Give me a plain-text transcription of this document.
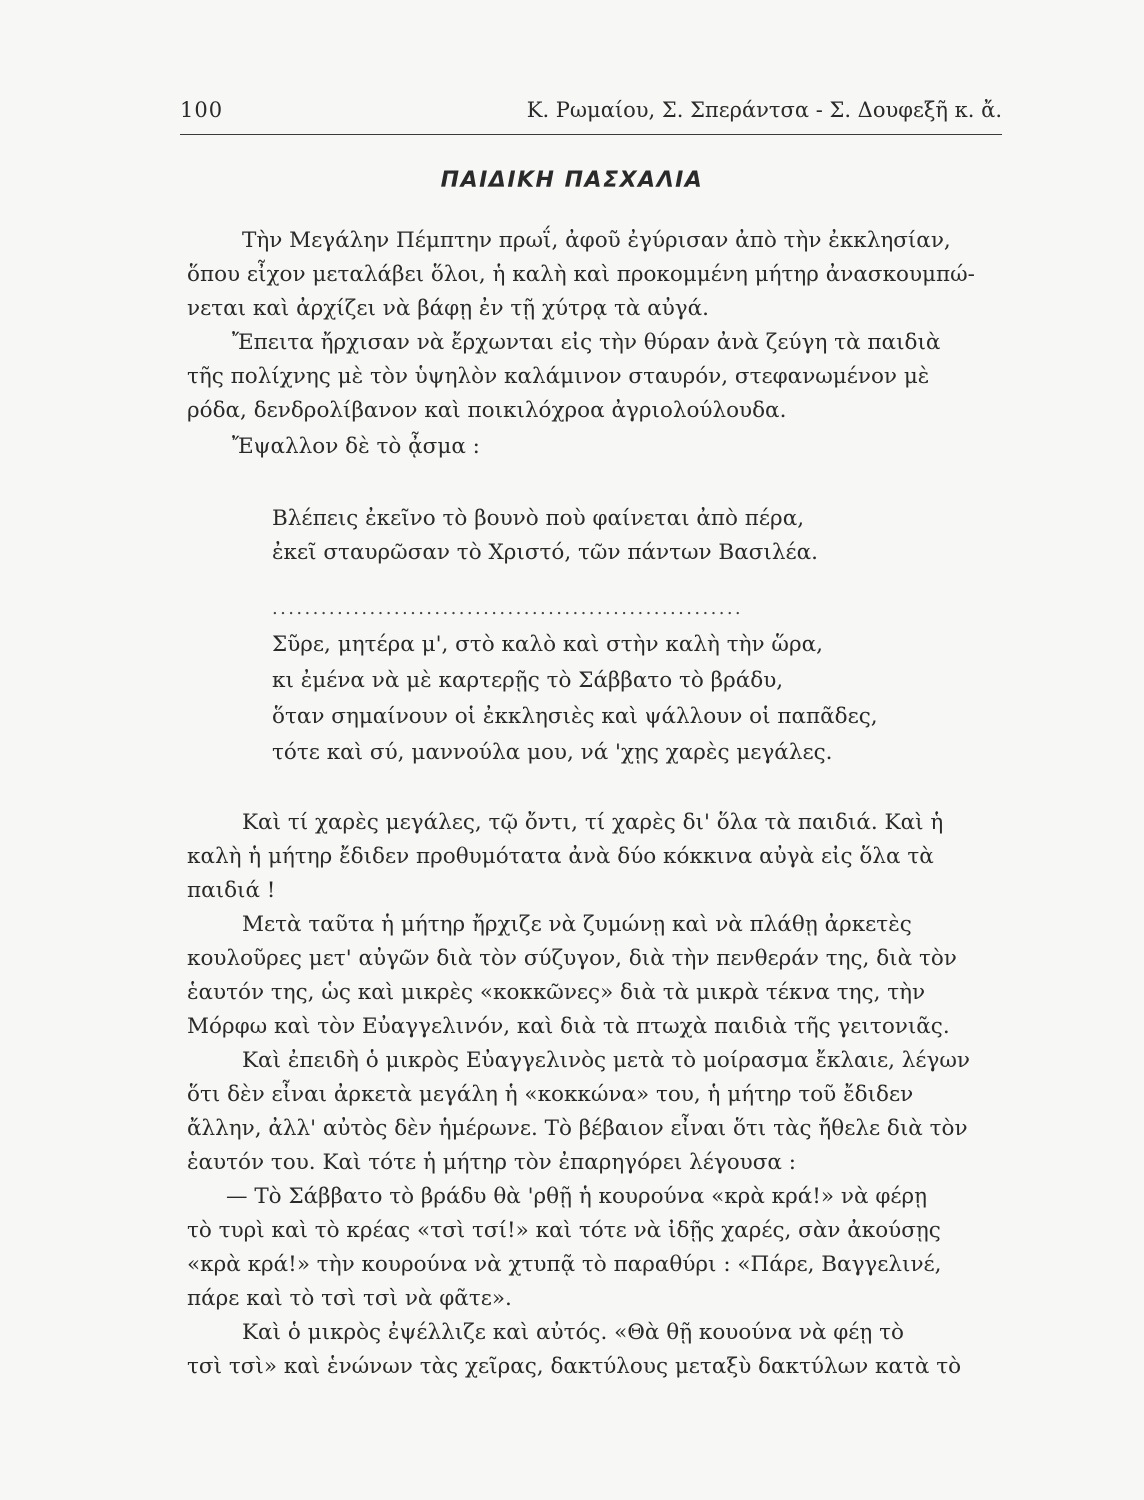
100	Κ. Ρωμαίου, Σ. Σπεράντσα - Σ. Δουφεξῆ κ. ἄ.
ΠΑΙΔΙΚΗ ΠΑΣΧΑΛΙΑ
Τὴν Μεγάλην Πέμπτην πρωΐ, ἀφοῦ ἐγύρισαν ἀπὸ τὴν ἐκκλησίαν,
ὅπου εἶχον μεταλάβει ὅλοι, ἡ καλὴ καὶ προκομμένη μήτηρ ἀνασκουμπώ-
νεται καὶ ἀρχίζει νὰ βάφῃ ἐν τῇ χύτρᾳ τὰ αὐγά.
Ἔπειτα ἤρχισαν νὰ ἔρχωνται εἰς τὴν θύραν ἀνὰ ζεύγη τὰ παιδιὰ
τῆς πολίχνης μὲ τὸν ὑψηλὸν καλάμινον σταυρόν, στεφανωμένον μὲ
ρόδα, δενδρολίβανον καὶ ποικιλόχροα ἀγριολούλουδα.
Ἔψαλλον δὲ τὸ ᾆσμα :
Βλέπεις ἐκεῖνο τὸ βουνὸ ποὺ φαίνεται ἀπὸ πέρα,
ἐκεῖ σταυρῶσαν τὸ Χριστό, τῶν πάντων Βασιλέα.
..........................................................
Σῦρε, μητέρα μ', στὸ καλὸ καὶ στὴν καλὴ τὴν ὥρα,
κι ἐμένα νὰ μὲ καρτερῇς τὸ Σάββατο τὸ βράδυ,
ὅταν σημαίνουν οἱ ἐκκλησιὲς καὶ ψάλλουν οἱ παπᾶδες,
τότε καὶ σύ, μαννούλα μου, νά 'χῃς χαρὲς μεγάλες.
Καὶ τί χαρὲς μεγάλες, τῷ ὄντι, τί χαρὲς δι' ὅλα τὰ παιδιά. Καὶ ἡ
καλὴ ἡ μήτηρ ἔδιδεν προθυμότατα ἀνὰ δύο κόκκινα αὐγὰ εἰς ὅλα τὰ
παιδιά !
Μετὰ ταῦτα ἡ μήτηρ ἤρχιζε νὰ ζυμώνῃ καὶ νὰ πλάθῃ ἀρκετὲς
κουλοῦρες μετ' αὐγῶν διὰ τὸν σύζυγον, διὰ τὴν πενθεράν της, διὰ τὸν
ἑαυτόν της, ὡς καὶ μικρὲς «κοκκῶνες» διὰ τὰ μικρὰ τέκνα της, τὴν
Μόρφω καὶ τὸν Εὐαγγελινόν, καὶ διὰ τὰ πτωχὰ παιδιὰ τῆς γειτονιᾶς.
Καὶ ἐπειδὴ ὁ μικρὸς Εὐαγγελινὸς μετὰ τὸ μοίρασμα ἔκλαιε, λέγων
ὅτι δὲν εἶναι ἀρκετὰ μεγάλη ἡ «κοκκώνα» του, ἡ μήτηρ τοῦ ἔδιδεν
ἄλλην, ἀλλ' αὐτὸς δὲν ἡμέρωνε. Τὸ βέβαιον εἶναι ὅτι τὰς ἤθελε διὰ τὸν
ἑαυτόν του. Καὶ τότε ἡ μήτηρ τὸν ἐπαρηγόρει λέγουσα :
— Τὸ Σάββατο τὸ βράδυ θὰ 'ρθῇ ἡ κουρούνα «κρὰ κρά!» νὰ φέρῃ
τὸ τυρὶ καὶ τὸ κρέας «τσὶ τσί!» καὶ τότε νὰ ἰδῇς χαρές, σὰν ἀκούσῃς
«κρὰ κρά!» τὴν κουρούνα νὰ χτυπᾷ τὸ παραθύρι : «Πάρε, Βαγγελινέ,
πάρε καὶ τὸ τσὶ τσὶ νὰ φᾶτε».
Καὶ ὁ μικρὸς ἐψέλλιζε καὶ αὐτός. «Θὰ θῇ κουούνα νὰ φέῃ τὸ
τσὶ τσὶ» καὶ ἑνώνων τὰς χεῖρας, δακτύλους μεταξὺ δακτύλων κατὰ τὸ
